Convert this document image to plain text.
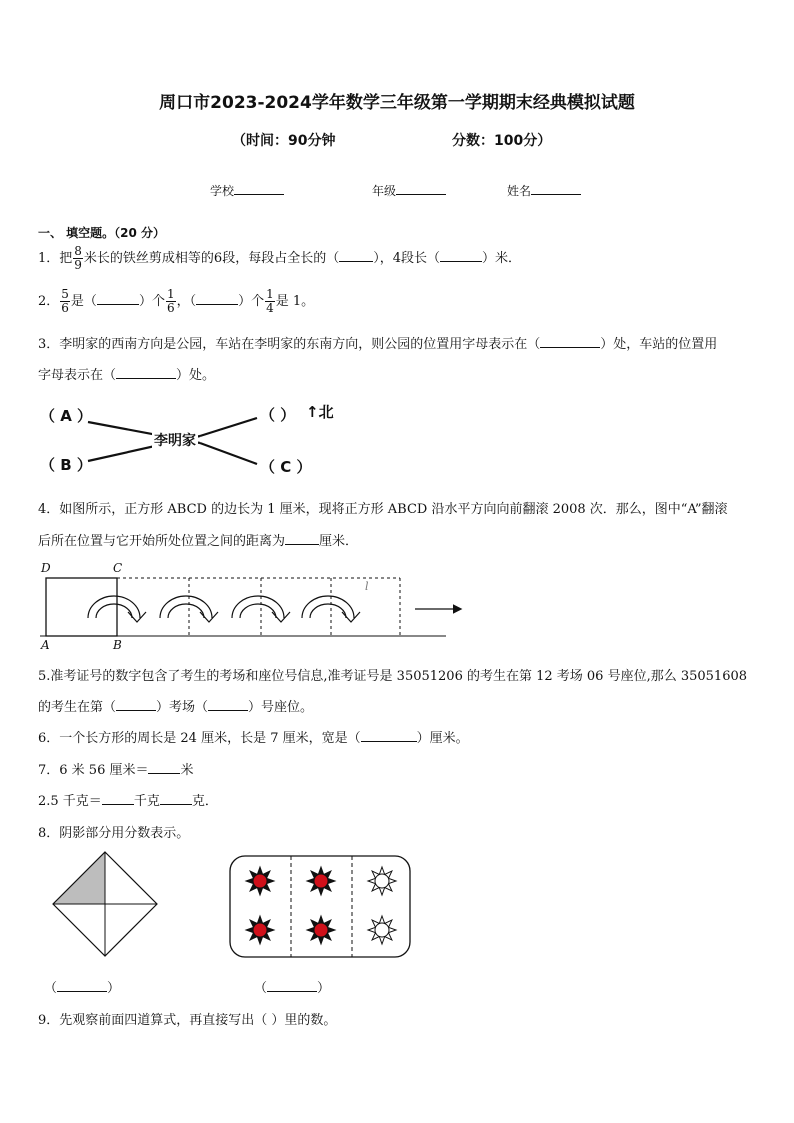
周口市2023-2024学年数学三年级第一学期期末经典模拟试题
（时间：90分钟	分数：100分）
学校	年级	姓名
一、 填空题。（20 分）
1．把 $\frac{8}{9}$ 米长的铁丝剪成相等的6段，每段占全长的（	），4段长（	）米．
2． $\frac{5}{6}$ 是（	）个 $\frac{1}{6}$ ，（	）个 $\frac{1}{4}$ 是 1。
3．李明家的西南方向是公园，车站在李明家的东南方向，则公园的位置用字母表示在（	）处，车站的位置用
字母表示在（	）处。
（ A ）
（ B ）	（ C ）
（ ） ↑北
李明家
4．如图所示，正方形 ABCD 的边长为 1 厘米，现将正方形 ABCD 沿水平方向向前翻滚 2008 次．那么，图中“A”翻滚
后所在位置与它开始所处位置之间的距离为	厘米．
D	C
A	B
l
5.准考证号的数字包含了考生的考场和座位号信息,准考证号是 35051206 的考生在第 12 考场 06 号座位,那么 35051608
的考生在第（	）考场（	）号座位。
6．一个长方形的周长是 24 厘米，长是 7 厘米，宽是（	）厘米。
7．6 米 56 厘米＝ 米
2.5 千克＝ 千克 克．
8．阴影部分用分数表示。
（	）	（	）
9．先观察前面四道算式，再直接写出（ ）里的数。
